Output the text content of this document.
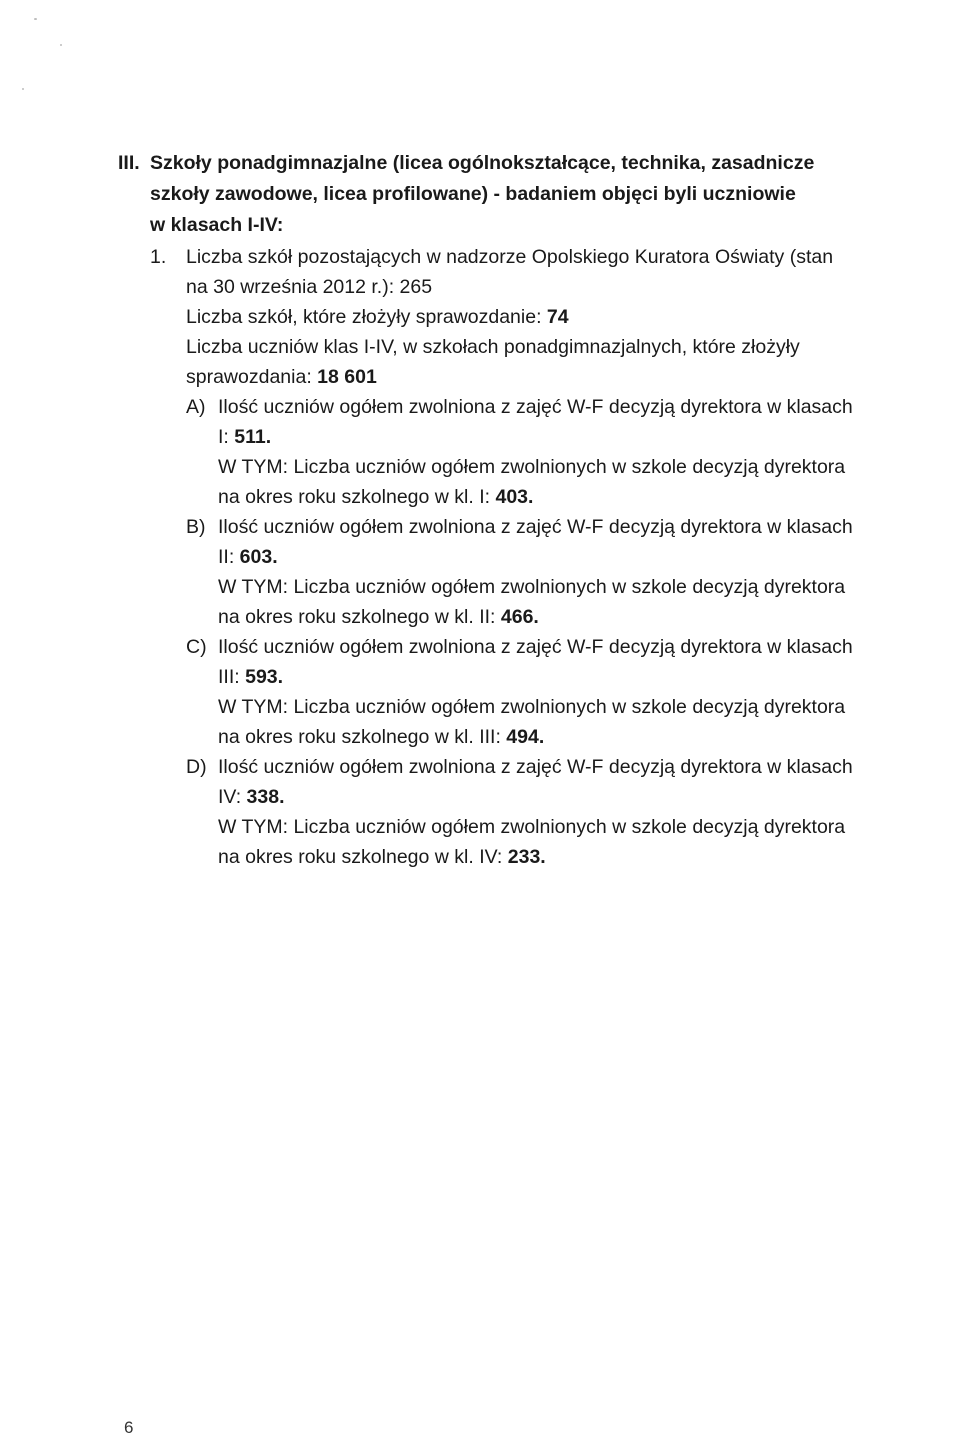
III. Szkoły ponadgimnazjalne (licea ogólnokształcące, technika, zasadnicze
szkoły zawodowe, licea profilowane) - badaniem objęci byli uczniowie
w klasach I-IV:
1. Liczba szkół pozostających w nadzorze Opolskiego Kuratora Oświaty (stan
na 30 września 2012 r.): 265
Liczba szkół, które złożyły sprawozdanie: 74
Liczba uczniów klas I-IV, w szkołach ponadgimnazjalnych, które złożyły
sprawozdania: 18 601
A) Ilość uczniów ogółem zwolniona z zajęć W-F decyzją dyrektora w klasach
I: 511.
W TYM: Liczba uczniów ogółem zwolnionych w szkole decyzją dyrektora
na okres roku szkolnego w kl. I: 403.
B) Ilość uczniów ogółem zwolniona z zajęć W-F decyzją dyrektora w klasach
II: 603.
W TYM: Liczba uczniów ogółem zwolnionych w szkole decyzją dyrektora
na okres roku szkolnego w kl. II: 466.
C) Ilość uczniów ogółem zwolniona z zajęć W-F decyzją dyrektora w klasach
III: 593.
W TYM: Liczba uczniów ogółem zwolnionych w szkole decyzją dyrektora
na okres roku szkolnego w kl. III: 494.
D) Ilość uczniów ogółem zwolniona z zajęć W-F decyzją dyrektora w klasach
IV: 338.
W TYM: Liczba uczniów ogółem zwolnionych w szkole decyzją dyrektora
na okres roku szkolnego w kl. IV: 233.
6
